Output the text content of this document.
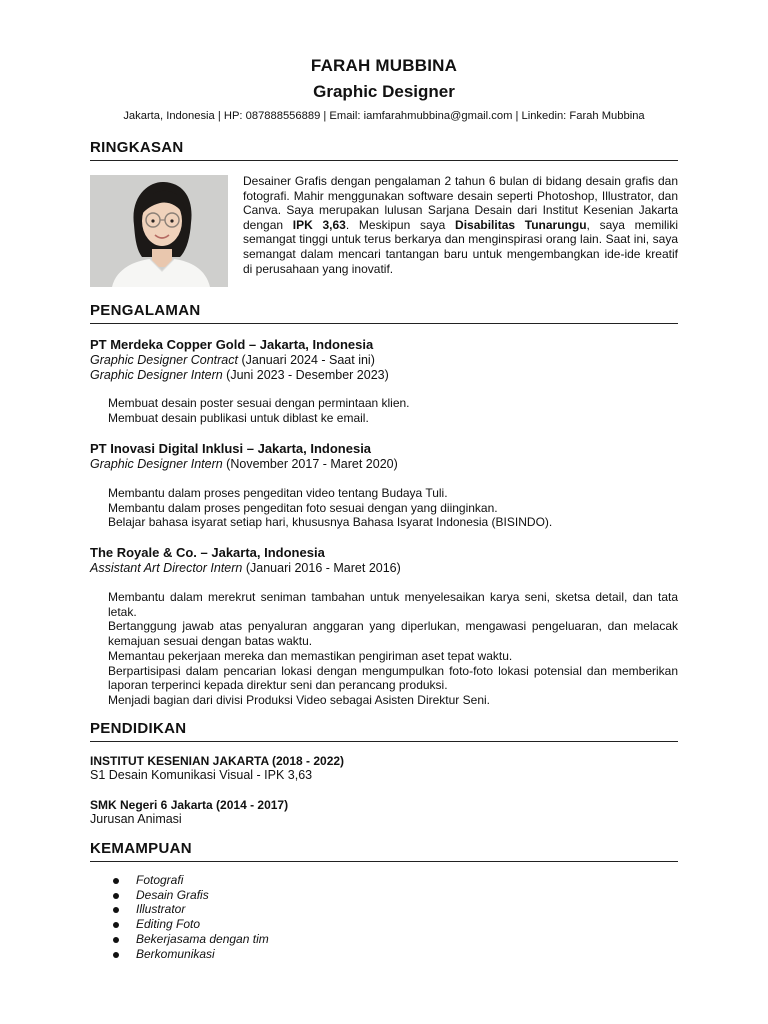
FARAH MUBBINA
Graphic Designer
Jakarta, Indonesia | HP: 087888556889 | Email: iamfarahmubbina@gmail.com | Linkedin: Farah Mubbina
RINGKASAN
Desainer Grafis dengan pengalaman 2 tahun 6 bulan di bidang desain grafis dan fotografi. Mahir menggunakan software desain seperti Photoshop, Illustrator, dan Canva. Saya merupakan lulusan Sarjana Desain dari Institut Kesenian Jakarta dengan IPK 3,63. Meskipun saya Disabilitas Tunarungu, saya memiliki semangat tinggi untuk terus berkarya dan menginspirasi orang lain. Saat ini, saya semangat dalam mencari tantangan baru untuk mengembangkan ide-ide kreatif di perusahaan yang inovatif.
PENGALAMAN
PT Merdeka Copper Gold – Jakarta, Indonesia
Graphic Designer Contract (Januari 2024 - Saat ini)
Graphic Designer Intern (Juni 2023 - Desember 2023)
Membuat desain poster sesuai dengan permintaan klien.
Membuat desain publikasi untuk diblast ke email.
PT Inovasi Digital Inklusi – Jakarta, Indonesia
Graphic Designer Intern (November 2017 - Maret 2020)
Membantu dalam proses pengeditan video tentang Budaya Tuli.
Membantu dalam proses pengeditan foto sesuai dengan yang diinginkan.
Belajar bahasa isyarat setiap hari, khususnya Bahasa Isyarat Indonesia (BISINDO).
The Royale & Co. – Jakarta, Indonesia
Assistant Art Director Intern (Januari 2016 - Maret 2016)
Membantu dalam merekrut seniman tambahan untuk menyelesaikan karya seni, sketsa detail, dan tata letak.
Bertanggung jawab atas penyaluran anggaran yang diperlukan, mengawasi pengeluaran, dan melacak kemajuan sesuai dengan batas waktu.
Memantau pekerjaan mereka dan memastikan pengiriman aset tepat waktu.
Berpartisipasi dalam pencarian lokasi dengan mengumpulkan foto-foto lokasi potensial dan memberikan laporan terperinci kepada direktur seni dan perancang produksi.
Menjadi bagian dari divisi Produksi Video sebagai Asisten Direktur Seni.
PENDIDIKAN
INSTITUT KESENIAN JAKARTA (2018 - 2022)
S1 Desain Komunikasi Visual - IPK 3,63
SMK Negeri 6 Jakarta (2014 - 2017)
Jurusan Animasi
KEMAMPUAN
Fotografi
Desain Grafis
Illustrator
Editing Foto
Bekerjasama dengan tim
Berkomunikasi
